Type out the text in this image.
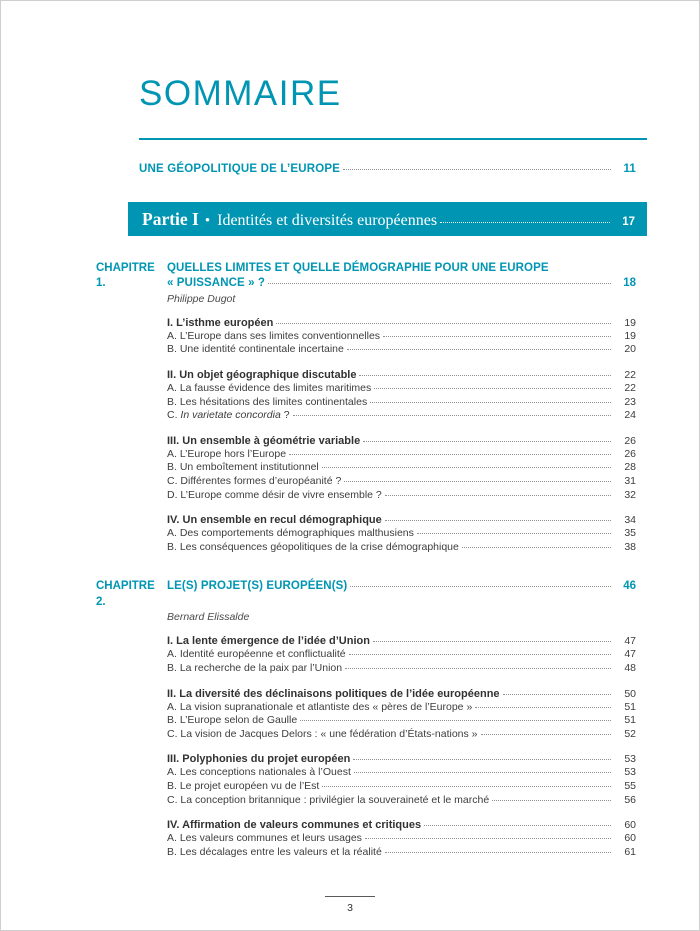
SOMMAIRE
UNE GÉOPOLITIQUE DE L’EUROPE	11
Partie I • Identités et diversités européennes	17
CHAPITRE 1.
QUELLES LIMITES ET QUELLE DÉMOGRAPHIE POUR UNE EUROPE
« PUISSANCE » ?	18
Philippe Dugot
I. L’isthme européen	19
A. L’Europe dans ses limites conventionnelles	19
B. Une identité continentale incertaine	20
II. Un objet géographique discutable	22
A. La fausse évidence des limites maritimes	22
B. Les hésitations des limites continentales	23
C. In varietate concordia ?	24
III. Un ensemble à géométrie variable	26
A. L’Europe hors l’Europe	26
B. Un emboîtement institutionnel	28
C. Différentes formes d’européanité ?	31
D. L’Europe comme désir de vivre ensemble ?	32
IV. Un ensemble en recul démographique	34
A. Des comportements démographiques malthusiens	35
B. Les conséquences géopolitiques de la crise démographique	38
CHAPITRE 2.
LE(S) PROJET(S) EUROPÉEN(S)	46
Bernard Elissalde
I. La lente émergence de l’idée d’Union	47
A. Identité européenne et conflictualité	47
B. La recherche de la paix par l’Union	48
II. La diversité des déclinaisons politiques de l’idée européenne	50
A. La vision supranationale et atlantiste des « pères de l’Europe »	51
B. L’Europe selon de Gaulle	51
C. La vision de Jacques Delors : « une fédération d’États-nations »	52
III. Polyphonies du projet européen	53
A. Les conceptions nationales à l’Ouest	53
B. Le projet européen vu de l’Est	55
C. La conception britannique : privilégier la souveraineté et le marché	56
IV. Affirmation de valeurs communes et critiques	60
A. Les valeurs communes et leurs usages	60
B. Les décalages entre les valeurs et la réalité	61
3
